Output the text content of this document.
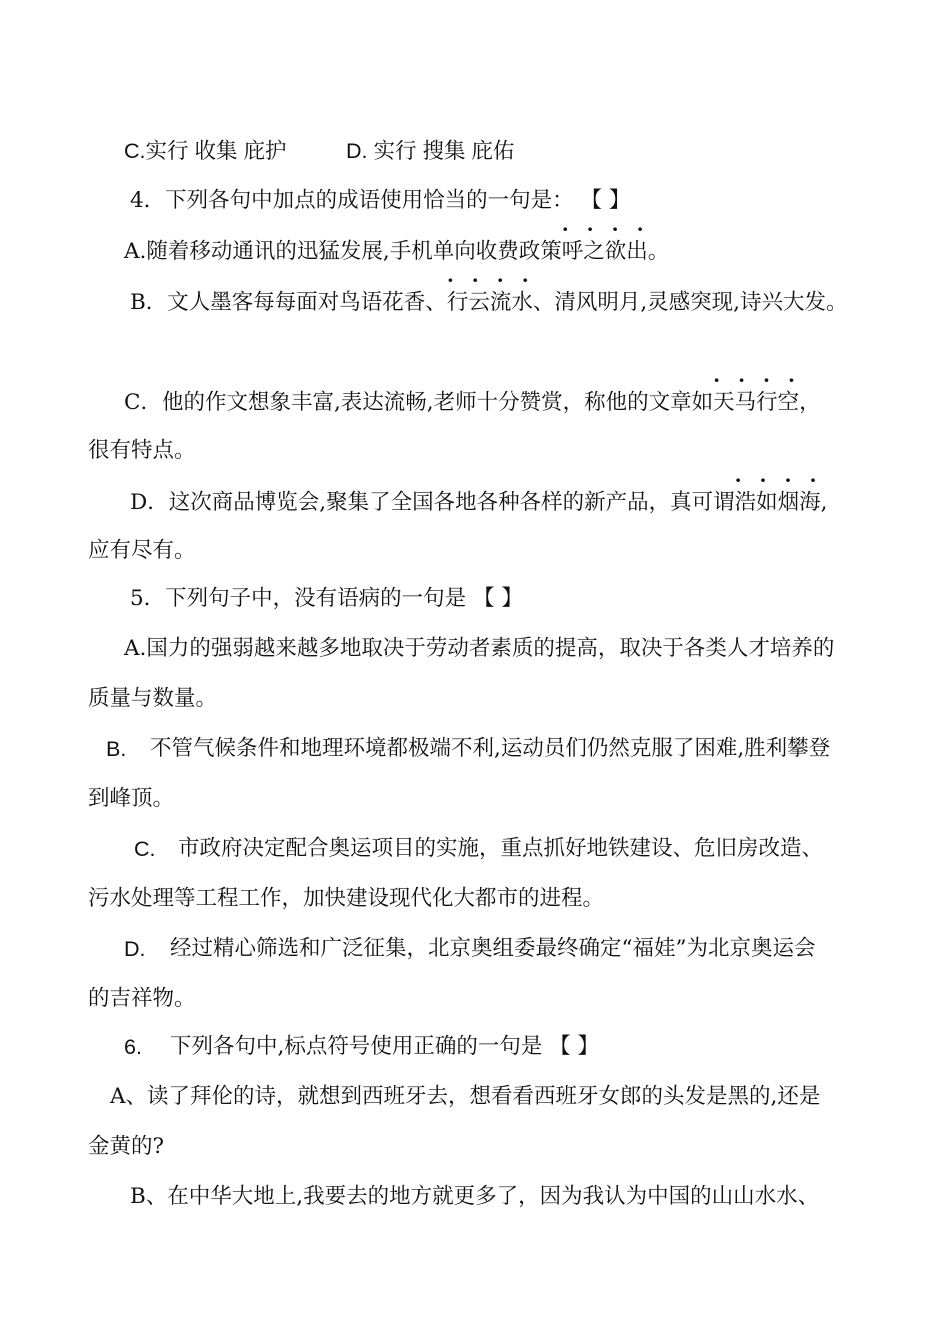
C.实行 收集 庇护	D. 实行 搜集 庇佑
4．下列各句中加点的成语使用恰当的一句是： 【 】
A.随着移动通讯的迅猛发展,手机单向收费政策· · · · 呼之欲出。
B．文人墨客每每面对鸟语花香、· · · · 行云流水、清风明月,灵感突现,诗兴大发。
C．他的作文想象丰富,表达流畅,老师十分赞赏，称他的文章如· · · · 天马行空，
很有特点。
D．这次商品博览会,聚集了全国各地各种各样的新产品，真可谓· · · · 浩如烟海,
应有尽有。
5．下列句子中，没有语病的一句是 【 】
A.国力的强弱越来越多地取决于劳动者素质的提高，取决于各类人才培养的
质量与数量。
B. 不管气候条件和地理环境都极端不利,运动员们仍然克服了困难,胜利攀登
到峰顶。
C. 市政府决定配合奥运项目的实施，重点抓好地铁建设、危旧房改造、
污水处理等工程工作，加快建设现代化大都市的进程。
D. 经过精心筛选和广泛征集，北京奥组委最终确定“福娃”为北京奥运会
的吉祥物。
6. 下列各句中,标点符号使用正确的一句是 【 】
A、读了拜伦的诗，就想到西班牙去，想看看西班牙女郎的头发是黑的,还是
金黄的?
B、在中华大地上,我要去的地方就更多了，因为我认为中国的山山水水、
